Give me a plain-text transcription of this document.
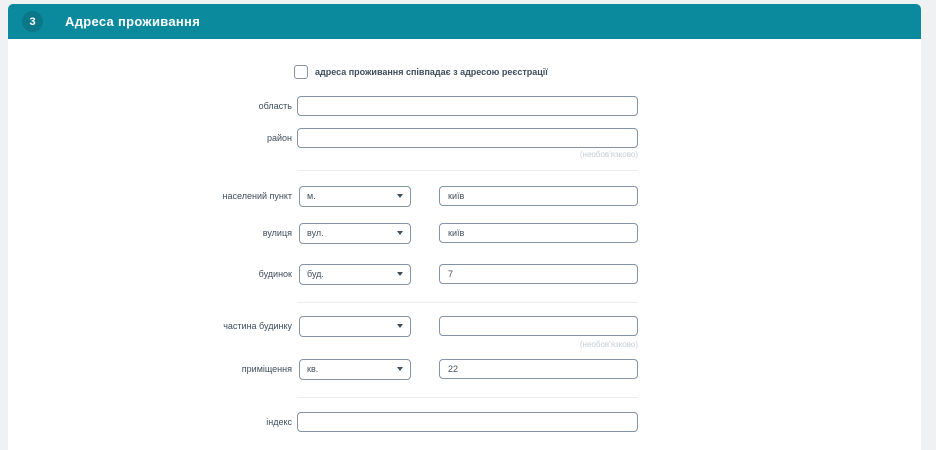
3 Адреса проживання
адреса проживання співпадає з адресою реєстрації
область
район
(необов'язково)
населений пункт м.
київ
вулиця вул.
київ
будинок буд.
7
частина будинку
(необов'язково)
приміщення кв.
22
індекс
